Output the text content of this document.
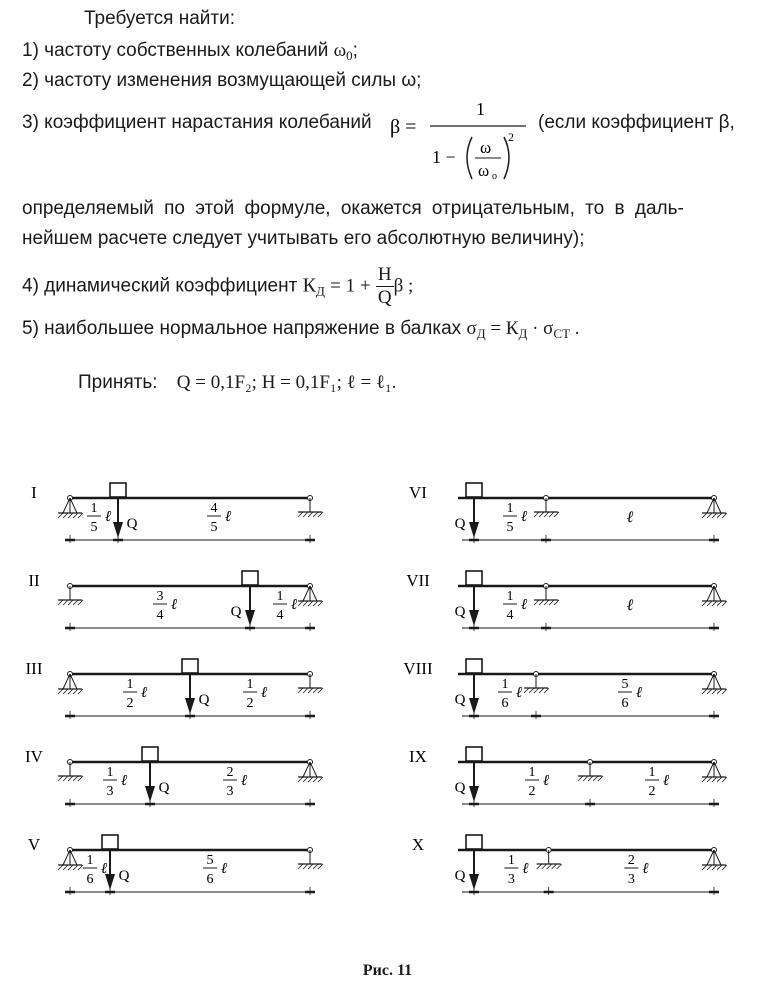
Требуется найти:
1) частоту собственных колебаний $\omega_0$;
2) частоту изменения возмущающей силы ω;
3) коэффициент нарастания колебаний β =
1
1 − ω
ω o
2
(если коэффициент β,
определяемый по этой формуле, окажется отрицательным, то в даль-
нейшем расчете следует учитывать его абсолютную величину);
4) динамический коэффициент $К_Д = 1 + \frac{H}{Q}$ β ;
5) наибольшее нормальное напряжение в балках $\sigma_Д = К_Д \cdot \sigma_{СТ}$ .
Принять: Q = 0,1F₂; H = 0,1F₁; ℓ = ℓ₁.
I
Q
1
5
ℓ
4
5
ℓ
II
Q
3
4
ℓ
1
4
ℓ
III
Q
1
2
ℓ
1
2
ℓ
IV
Q
1
3
ℓ
2
3
ℓ
V
Q
1
6
ℓ
5
6
ℓ
VI
Q
1
5
ℓ	ℓ
VII
Q
1
4
ℓ	ℓ
VIII
Q
1
6
ℓ
5
6
ℓ
IX
Q
1
2
ℓ
1
2
ℓ
X
Q
1
3
ℓ
2
3
ℓ
Рис. 11
